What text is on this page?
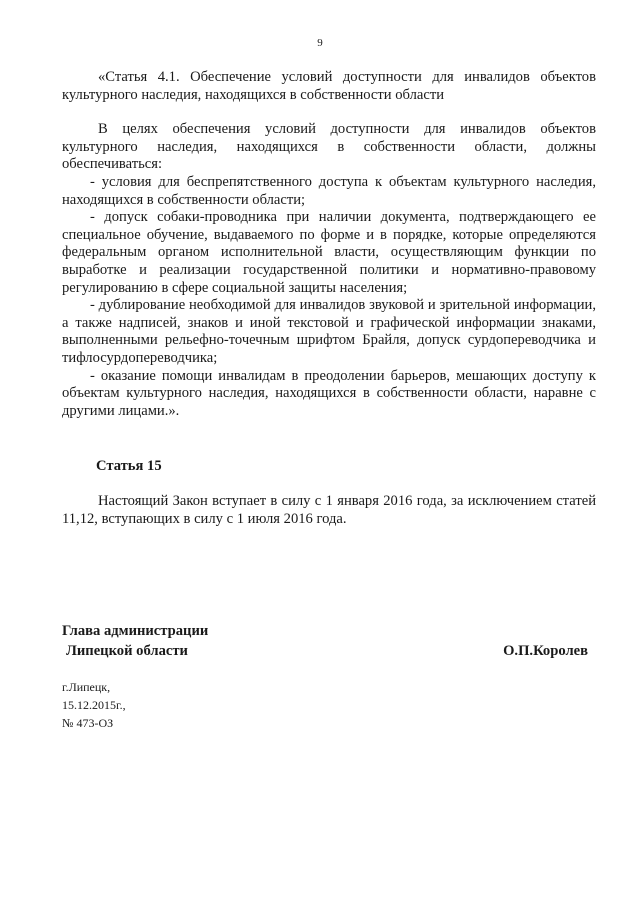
9

«Статья 4.1. Обеспечение условий доступности для инвалидов объектов культурного наследия, находящихся в собственности области

В целях обеспечения условий доступности для инвалидов объектов культурного наследия, находящихся в собственности области, должны обеспечиваться:

- условия для беспрепятственного доступа к объектам культурного наследия, находящихся в собственности области;

- допуск собаки-проводника при наличии документа, подтверждающего ее специальное обучение, выдаваемого по форме и в порядке, которые определяются федеральным органом исполнительной власти, осуществляющим функции по выработке и реализации государственной политики и нормативно-правовому регулированию в сфере социальной защиты населения;

- дублирование необходимой для инвалидов звуковой и зрительной информации, а также надписей, знаков и иной текстовой и графической информации знаками, выполненными рельефно-точечным шрифтом Брайля, допуск сурдопереводчика и тифлосурдопереводчика;

- оказание помощи инвалидам в преодолении барьеров, мешающих доступу к объектам культурного наследия, находящихся в собственности области, наравне с другими лицами.».

Статья 15
Настоящий Закон вступает в силу с 1 января 2016 года, за исключением статей 11,12, вступающих в силу с 1 июля 2016 года.
Глава администрации
Липецкой области	О.П.Королев
г.Липецк,
15.12.2015г.,
№ 473-ОЗ
